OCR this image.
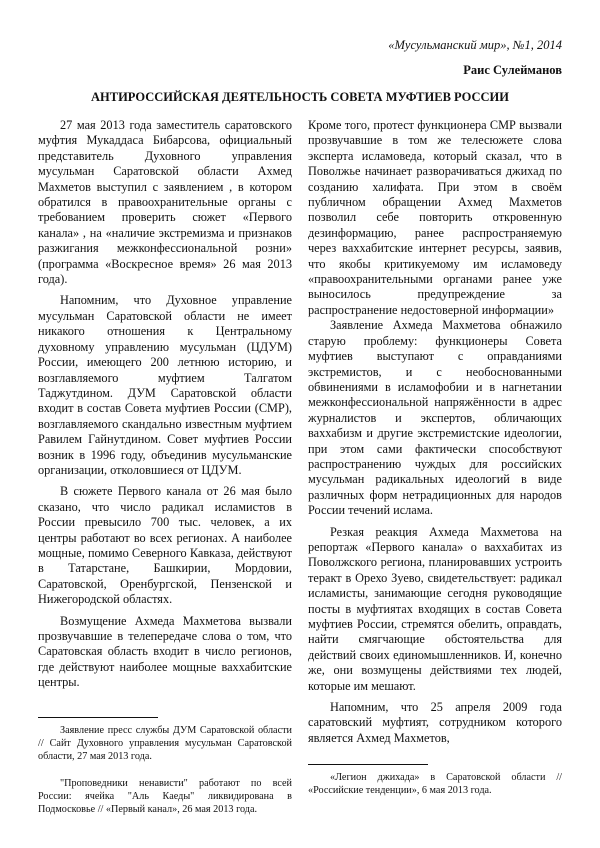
«Мусульманский мир», №1, 2014
Раис Сулейманов
АНТИРОССИЙСКАЯ ДЕЯТЕЛЬНОСТЬ СОВЕТА МУФТИЕВ РОССИИ

27 мая 2013 года заместитель саратовского муфтия Мукаддаса Бибарсова, официальный представитель Духовного управления мусульман Саратовской области Ахмед Махметов выступил с заявлением , в котором обратился в правоохранительные органы с требованием проверить сюжет «Первого канала» , на «наличие экстремизма и признаков разжигания межконфессиональной розни» (программа «Воскресное время» 26 мая 2013 года).

Напомним, что Духовное управление мусульман Саратовской области не имеет никакого отношения к Центральному духовному управлению мусульман (ЦДУМ) России, имеющего 200 летнюю историю, и возглавляемого муфтием Талгатом Таджутдином. ДУМ Саратовской области входит в состав Совета муфтиев России (СМР), возглавляемого скандально известным муфтием Равилем Гайнутдином. Совет муфтиев России возник в 1996 году, объединив мусульманские организации, отколовшиеся от ЦДУМ.

В сюжете Первого канала от 26 мая было сказано, что число радикал исламистов в России превысило 700 тыс. человек, а их центры работают во всех регионах. А наиболее мощные, помимо Северного Кавказа, действуют в Татарстане, Башкирии, Мордовии, Саратовской, Оренбургской, Пензенской и Нижегородской областях.

Возмущение Ахмеда Махметова вызвали прозвучавшие в телепередаче слова о том, что Саратовская область входит в число регионов, где действуют наиболее мощные ваххабитские центры.

Заявление пресс службы ДУМ Саратовской области // Сайт Духовного управления мусульман Саратовской области, 27 мая 2013 года.

"Проповедники ненависти" работают по всей России: ячейка "Аль Каеды" ликвидирована в Подмосковье // «Первый канал», 26 мая 2013 года.

Кроме того, протест функционера СМР вызвали прозвучавшие в том же телесюжете слова эксперта исламоведа, который сказал, что в Поволжье начинает разворачиваться джихад по созданию халифата. При этом в своём публичном обращении Ахмед Махметов позволил себе повторить откровенную дезинформацию, ранее распространяемую через ваххабитские интернет ресурсы, заявив, что якобы критикуемому им исламоведу «правоохранительными органами ранее уже выносилось предупреждение за распространение недостоверной информации»

Заявление Ахмеда Махметова обнажило старую проблему: функционеры Совета муфтиев выступают с оправданиями экстремистов, и с необоснованными обвинениями в исламофобии и в нагнетании межконфессиональной напряжённости в адрес журналистов и экспертов, обличающих ваххабизм и другие экстремистские идеологии, при этом сами фактически способствуют распространению чуждых для российских мусульман радикальных идеологий в виде различных форм нетрадиционных для народов России течений ислама.

Резкая реакция Ахмеда Махметова на репортаж «Первого канала» о ваххабитах из Поволжского региона, планировавших устроить теракт в Орехо Зуево, свидетельствует: радикал исламисты, занимающие сегодня руководящие посты в муфтиятах входящих в состав Совета муфтиев России, стремятся обелить, оправдать, найти смягчающие обстоятельства для действий своих единомышленников. И, конечно же, они возмущены действиями тех людей, которые им мешают.

Напомним, что 25 апреля 2009 года саратовский муфтият, сотрудником которого является Ахмед Махметов,

«Легион джихада» в Саратовской области // «Российские тенденции», 6 мая 2013 года.
